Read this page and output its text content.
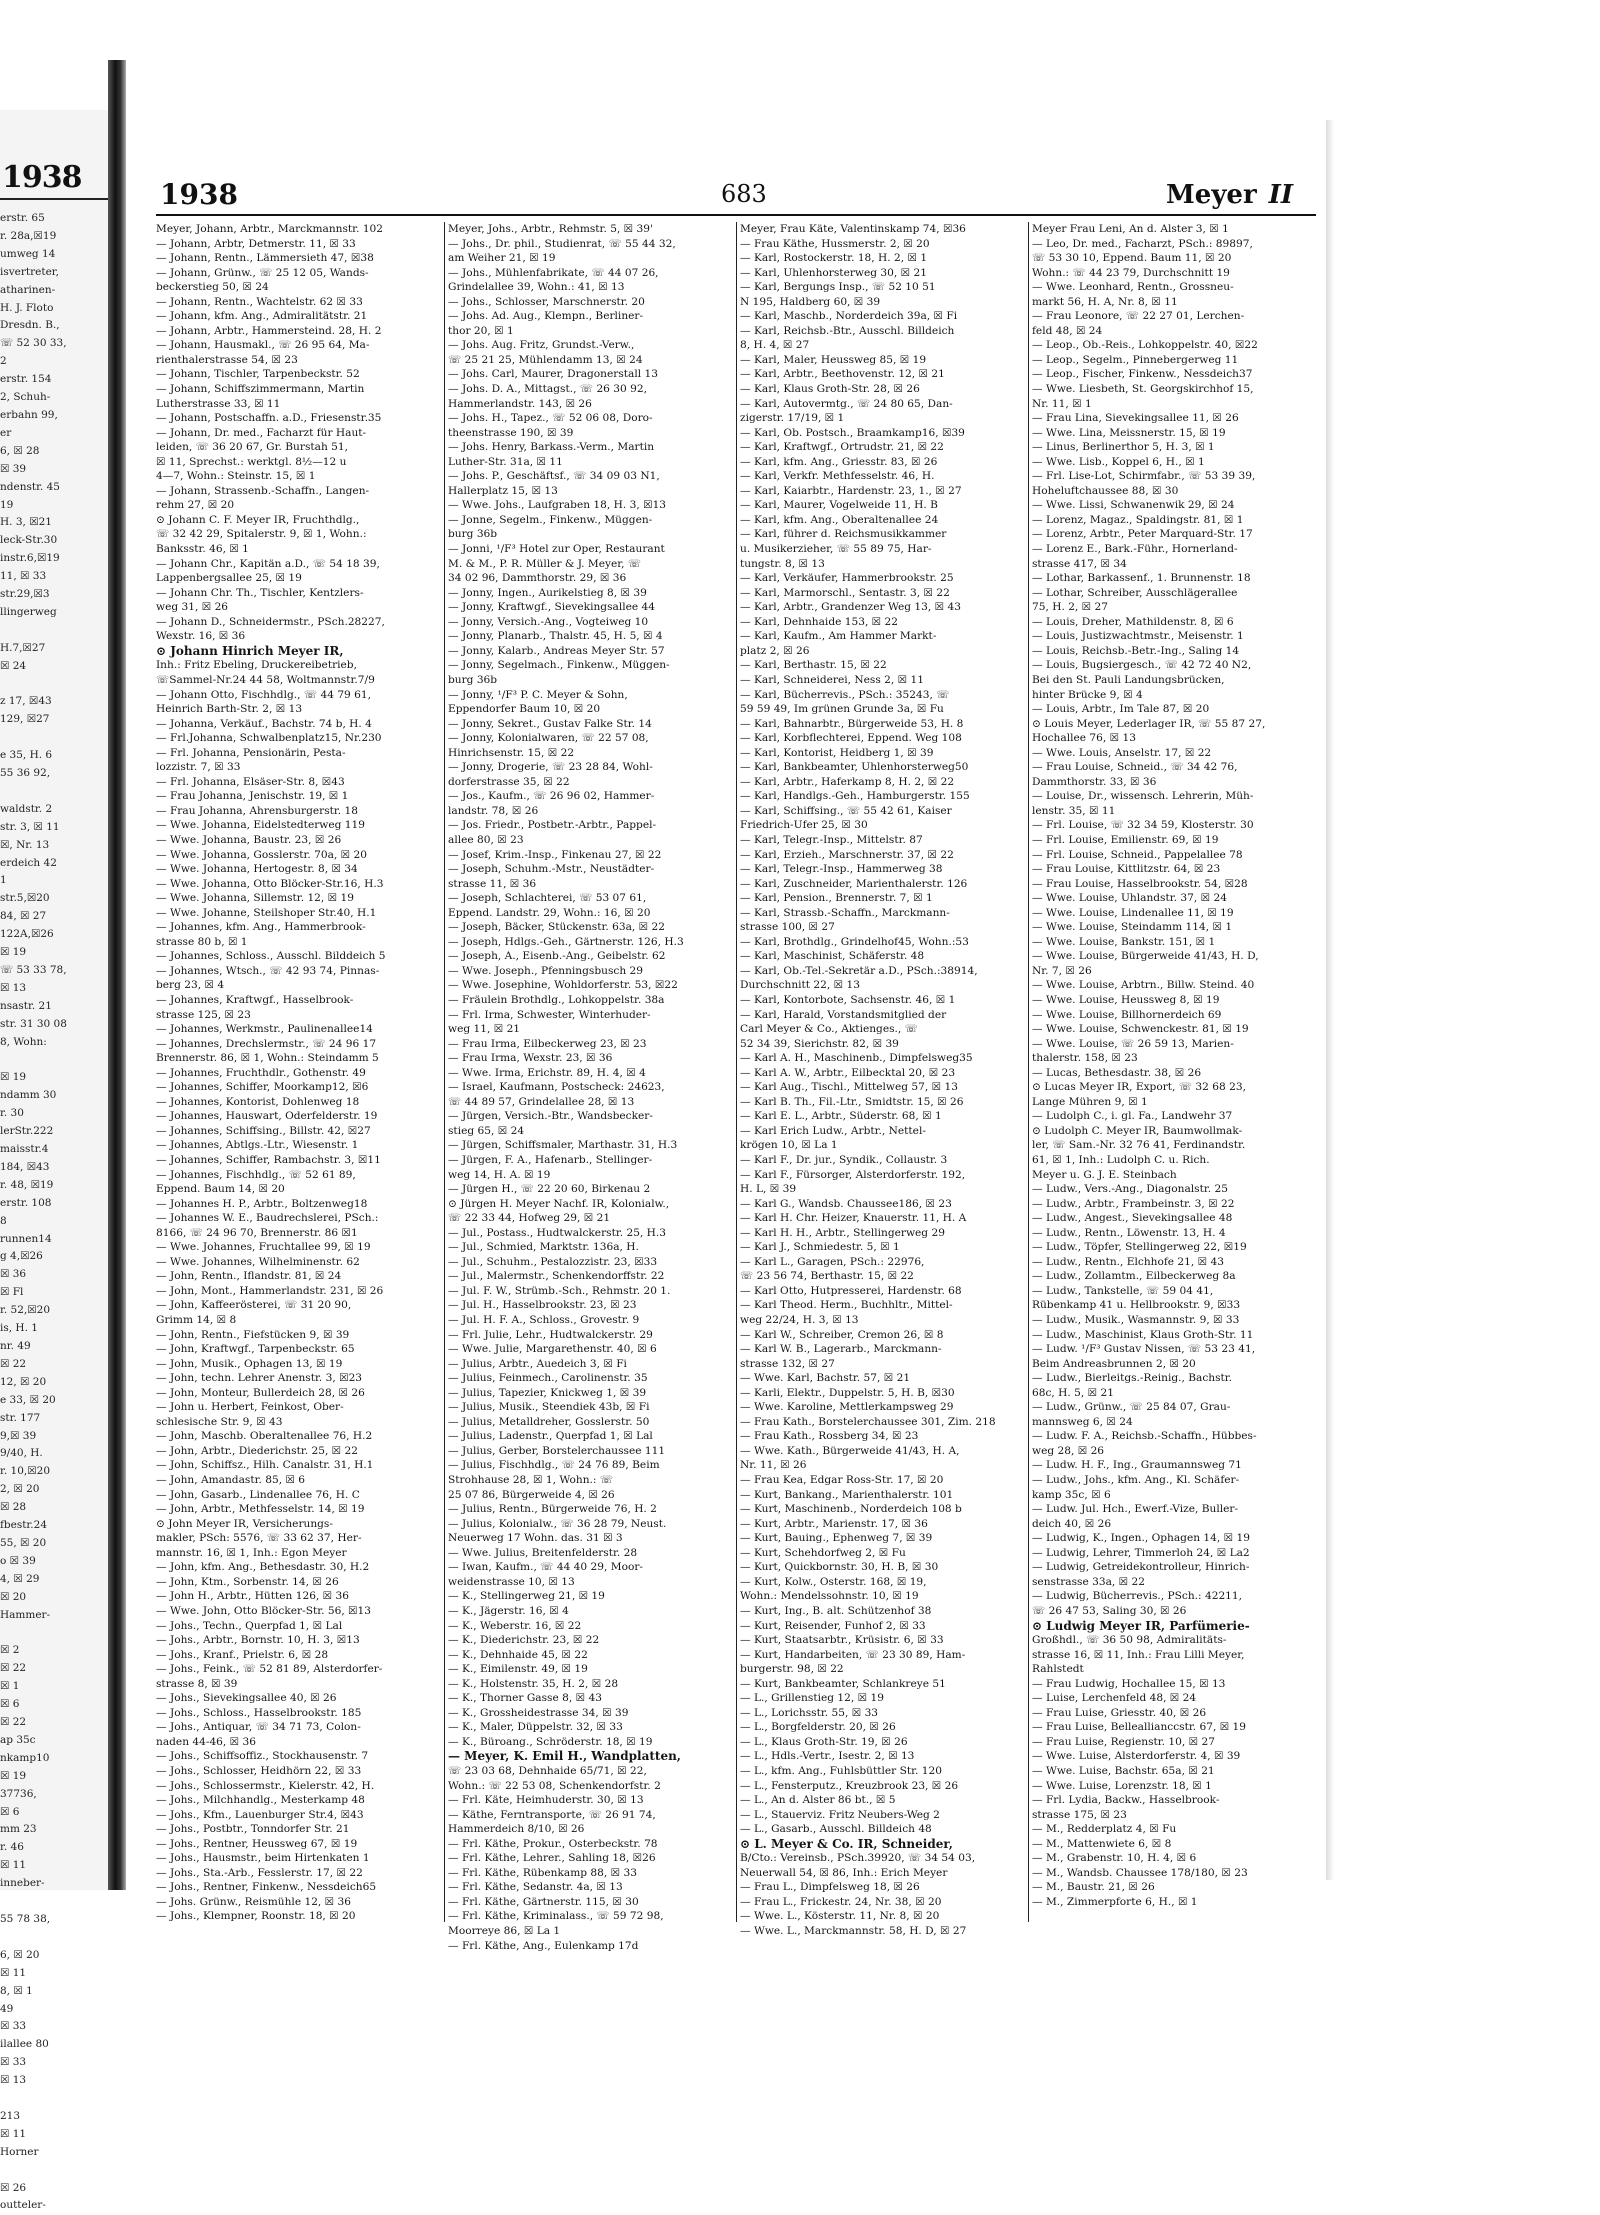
1938
erstr. 65
r. 28a,☒19
umweg 14
isvertreter,
atharinen-
H. J. Floto
Dresdn. B.,
☏ 52 30 33,
2
erstr. 154
2, Schuh-
erbahn 99,
er
6, ☒ 28
☒ 39
ndenstr. 45
19
H. 3, ☒21
leck-Str.30
instr.6,☒19
11, ☒ 33
str.29,☒3
llingerweg
H.7,☒27
☒ 24
z 17, ☒43
129, ☒27
e 35, H. 6
55 36 92,
waldstr. 2
str. 3, ☒ 11
☒, Nr. 13
erdeich 42
1
str.5,☒20
84, ☒ 27
122A,☒26
☒ 19
☏ 53 33 78,
☒ 13
nsastr. 21
str. 31 30 08
8, Wohn:
☒ 19
ndamm 30
r. 30
lerStr.222
maisstr.4
184, ☒43
r. 48, ☒19
erstr. 108
8
runnen14
g 4,☒26
☒ 36
☒ Fl
r. 52,☒20
is, H. 1
nr. 49
☒ 22
12, ☒ 20
e 33, ☒ 20
str. 177
9,☒ 39
9/40, H.
r. 10,☒20
2, ☒ 20
☒ 28
fbestr.24
55, ☒ 20
o ☒ 39
4, ☒ 29
☒ 20
Hammer-
☒ 2
☒ 22
☒ 1
☒ 6
☒ 22
ap 35c
nkamp10
☒ 19
37736,
☒ 6
mm 23
r. 46
☒ 11
inneber-
55 78 38,
6, ☒ 20
☒ 11
8, ☒ 1
49
☒ 33
ilallee 80
☒ 33
☒ 13
213
☒ 11
Horner
☒ 26
outteler-
1938	683	Meyer II
Meyer, Johann, Arbtr., Marckmannstr. 102
— Johann, Arbtr, Detmerstr. 11, ☒ 33
— Johann, Rentn., Lämmersieth 47, ☒38
— Johann, Grünw., ☏ 25 12 05, Wands-
beckerstieg 50, ☒ 24
— Johann, Rentn., Wachtelstr. 62 ☒ 33
— Johann, kfm. Ang., Admiralitätstr. 21
— Johann, Arbtr., Hammersteind. 28, H. 2
— Johann, Hausmakl., ☏ 26 95 64, Ma-
rienthalerstrasse 54, ☒ 23
— Johann, Tischler, Tarpenbeckstr. 52
— Johann, Schiffszimmermann, Martin
Lutherstrasse 33, ☒ 11
— Johann, Postschaffn. a.D., Friesenstr.35
— Johann, Dr. med., Facharzt für Haut-
leiden, ☏ 36 20 67, Gr. Burstah 51,
☒ 11, Sprechst.: werktgl. 8½—12 u
4—7, Wohn.: Steinstr. 15, ☒ 1
— Johann, Strassenb.-Schaffn., Langen-
rehm 27, ☒ 20
⊙ Johann C. F. Meyer IR, Fruchthdlg.,
☏ 32 42 29, Spitalerstr. 9, ☒ 1, Wohn.:
Banksstr. 46, ☒ 1
— Johann Chr., Kapitän a.D., ☏ 54 18 39,
Lappenbergsallee 25, ☒ 19
— Johann Chr. Th., Tischler, Kentzlers-
weg 31, ☒ 26
— Johann D., Schneidermstr., PSch.28227,
Wexstr. 16, ☒ 36
⊙ Johann Hinrich Meyer IR,
Inh.: Fritz Ebeling, Druckereibetrieb,
☏Sammel-Nr.24 44 58, Woltmannstr.7/9
— Johann Otto, Fischhdlg., ☏ 44 79 61,
Heinrich Barth-Str. 2, ☒ 13
— Johanna, Verkäuf., Bachstr. 74 b, H. 4
— Frl.Johanna, Schwalbenplatz15, Nr.230
— Frl. Johanna, Pensionärin, Pesta-
lozzistr. 7, ☒ 33
— Frl. Johanna, Elsäser-Str. 8, ☒43
— Frau Johanna, Jenischstr. 19, ☒ 1
— Frau Johanna, Ahrensburgerstr. 18
— Wwe. Johanna, Eidelstedterweg 119
— Wwe. Johanna, Baustr. 23, ☒ 26
— Wwe. Johanna, Gosslerstr. 70a, ☒ 20
— Wwe. Johanna, Hertogestr. 8, ☒ 34
— Wwe. Johanna, Otto Blöcker-Str.16, H.3
— Wwe. Johanna, Sillemstr. 12, ☒ 19
— Wwe. Johanne, Steilshoper Str.40, H.1
— Johannes, kfm. Ang., Hammerbrook-
strasse 80 b, ☒ 1
— Johannes, Schloss., Ausschl. Bilddeich 5
— Johannes, Wtsch., ☏ 42 93 74, Pinnas-
berg 23, ☒ 4
— Johannes, Kraftwgf., Hasselbrook-
strasse 125, ☒ 23
— Johannes, Werkmstr., Paulinenallee14
— Johannes, Drechslermstr., ☏ 24 96 17
Brennerstr. 86, ☒ 1, Wohn.: Steindamm 5
— Johannes, Fruchthdlr., Gothenstr. 49
— Johannes, Schiffer, Moorkamp12, ☒6
— Johannes, Kontorist, Dohlenweg 18
— Johannes, Hauswart, Oderfelderstr. 19
— Johannes, Schiffsing., Billstr. 42, ☒27
— Johannes, Abtlgs.-Ltr., Wiesenstr. 1
— Johannes, Schiffer, Rambachstr. 3, ☒11
— Johannes, Fischhdlg., ☏ 52 61 89,
Eppend. Baum 14, ☒ 20
— Johannes H. P., Arbtr., Boltzenweg18
— Johannes W. E., Baudrechslerei, PSch.:
8166, ☏ 24 96 70, Brennerstr. 86 ☒1
— Wwe. Johannes, Fruchtallee 99, ☒ 19
— Wwe. Johannes, Wilhelminenstr. 62
— John, Rentn., Iflandstr. 81, ☒ 24
— John, Mont., Hammerlandstr. 231, ☒ 26
— John, Kaffeerösterei, ☏ 31 20 90,
Grimm 14, ☒ 8
— John, Rentn., Fiefstücken 9, ☒ 39
— John, Kraftwgf., Tarpenbeckstr. 65
— John, Musik., Ophagen 13, ☒ 19
— John, techn. Lehrer Anenstr. 3, ☒23
— John, Monteur, Bullerdeich 28, ☒ 26
— John u. Herbert, Feinkost, Ober-
schlesische Str. 9, ☒ 43
— John, Maschb. Oberaltenallee 76, H.2
— John, Arbtr., Diederichstr. 25, ☒ 22
— John, Schiffsz., Hilh. Canalstr. 31, H.1
— John, Amandastr. 85, ☒ 6
— John, Gasarb., Lindenallee 76, H. C
— John, Arbtr., Methfesselstr. 14, ☒ 19
⊙ John Meyer IR, Versicherungs-
makler, PSch: 5576, ☏ 33 62 37, Her-
mannstr. 16, ☒ 1, Inh.: Egon Meyer
— John, kfm. Ang., Bethesdastr. 30, H.2
— John, Ktm., Sorbenstr. 14, ☒ 26
— John H., Arbtr., Hütten 126, ☒ 36
— Wwe. John, Otto Blöcker-Str. 56, ☒13
— Johs., Techn., Querpfad 1, ☒ Lal
— Johs., Arbtr., Bornstr. 10, H. 3, ☒13
— Johs., Kranf., Prielstr. 6, ☒ 28
— Johs., Feink., ☏ 52 81 89, Alsterdorfer-
strasse 8, ☒ 39
— Johs., Sievekingsallee 40, ☒ 26
— Johs., Schloss., Hasselbrookstr. 185
— Johs., Antiquar, ☏ 34 71 73, Colon-
naden 44-46, ☒ 36
— Johs., Schiffsoffiz., Stockhausenstr. 7
— Johs., Schlosser, Heidhörn 22, ☒ 33
— Johs., Schlossermstr., Kielerstr. 42, H.
— Johs., Milchhandlg., Mesterkamp 48
— Johs., Kfm., Lauenburger Str.4, ☒43
— Johs., Postbtr., Tonndorfer Str. 21
— Johs., Rentner, Heussweg 67, ☒ 19
— Johs., Hausmstr., beim Hirtenkaten 1
— Johs., Sta.-Arb., Fesslerstr. 17, ☒ 22
— Johs., Rentner, Finkenw., Nessdeich65
— Johs. Grünw., Reismühle 12, ☒ 36
— Johs., Klempner, Roonstr. 18, ☒ 20
Meyer, Johs., Arbtr., Rehmstr. 5, ☒ 39'
— Johs., Dr. phil., Studienrat, ☏ 55 44 32,
am Weiher 21, ☒ 19
— Johs., Mühlenfabrikate, ☏ 44 07 26,
Grindelallee 39, Wohn.: 41, ☒ 13
— Johs., Schlosser, Marschnerstr. 20
— Johs. Ad. Aug., Klempn., Berliner-
thor 20, ☒ 1
— Johs. Aug. Fritz, Grundst.-Verw.,
☏ 25 21 25, Mühlendamm 13, ☒ 24
— Johs. Carl, Maurer, Dragonerstall 13
— Johs. D. A., Mittagst., ☏ 26 30 92,
Hammerlandstr. 143, ☒ 26
— Johs. H., Tapez., ☏ 52 06 08, Doro-
theenstrasse 190, ☒ 39
— Johs. Henry, Barkass.-Verm., Martin
Luther-Str. 31a, ☒ 11
— Johs. P., Geschäftsf., ☏ 34 09 03 N1,
Hallerplatz 15, ☒ 13
— Wwe. Johs., Laufgraben 18, H. 3, ☒13
— Jonne, Segelm., Finkenw., Müggen-
burg 36b
— Jonni, ¹/F³ Hotel zur Oper, Restaurant
M. & M., P. R. Müller & J. Meyer, ☏
34 02 96, Dammthorstr. 29, ☒ 36
— Jonny, Ingen., Aurikelstieg 8, ☒ 39
— Jonny, Kraftwgf., Sievekingsallee 44
— Jonny, Versich.-Ang., Vogteiweg 10
— Jonny, Planarb., Thalstr. 45, H. 5, ☒ 4
— Jonny, Kalarb., Andreas Meyer Str. 57
— Jonny, Segelmach., Finkenw., Müggen-
burg 36b
— Jonny, ¹/F³ P. C. Meyer & Sohn,
Eppendorfer Baum 10, ☒ 20
— Jonny, Sekret., Gustav Falke Str. 14
— Jonny, Kolonialwaren, ☏ 22 57 08,
Hinrichsenstr. 15, ☒ 22
— Jonny, Drogerie, ☏ 23 28 84, Wohl-
dorferstrasse 35, ☒ 22
— Jos., Kaufm., ☏ 26 96 02, Hammer-
landstr. 78, ☒ 26
— Jos. Friedr., Postbetr.-Arbtr., Pappel-
allee 80, ☒ 23
— Josef, Krim.-Insp., Finkenau 27, ☒ 22
— Joseph, Schuhm.-Mstr., Neustädter-
strasse 11, ☒ 36
— Joseph, Schlachterei, ☏ 53 07 61,
Eppend. Landstr. 29, Wohn.: 16, ☒ 20
— Joseph, Bäcker, Stückenstr. 63a, ☒ 22
— Joseph, Hdlgs.-Geh., Gärtnerstr. 126, H.3
— Joseph, A., Eisenb.-Ang., Geibelstr. 62
— Wwe. Joseph., Pfenningsbusch 29
— Wwe. Josephine, Wohldorferstr. 53, ☒22
— Fräulein Brothdlg., Lohkoppelstr. 38a
— Frl. Irma, Schwester, Winterhuder-
weg 11, ☒ 21
— Frau Irma, Eilbeckerweg 23, ☒ 23
— Frau Irma, Wexstr. 23, ☒ 36
— Wwe. Irma, Erichstr. 89, H. 4, ☒ 4
— Israel, Kaufmann, Postscheck: 24623,
☏ 44 89 57, Grindelallee 28, ☒ 13
— Jürgen, Versich.-Btr., Wandsbecker-
stieg 65, ☒ 24
— Jürgen, Schiffsmaler, Marthastr. 31, H.3
— Jürgen, F. A., Hafenarb., Stellinger-
weg 14, H. A. ☒ 19
— Jürgen H., ☏ 22 20 60, Birkenau 2
⊙ Jürgen H. Meyer Nachf. IR, Kolonialw.,
☏ 22 33 44, Hofweg 29, ☒ 21
— Jul., Postass., Hudtwalckerstr. 25, H.3
— Jul., Schmied, Marktstr. 136a, H.
— Jul., Schuhm., Pestalozzistr. 23, ☒33
— Jul., Malermstr., Schenkendorffstr. 22
— Jul. F. W., Strümb.-Sch., Rehmstr. 20 1.
— Jul. H., Hasselbrookstr. 23, ☒ 23
— Jul. H. F. A., Schloss., Grovestr. 9
— Frl. Julie, Lehr., Hudtwalckerstr. 29
— Wwe. Julie, Margarethenstr. 40, ☒ 6
— Julius, Arbtr., Auedeich 3, ☒ Fi
— Julius, Feinmech., Carolinenstr. 35
— Julius, Tapezier, Knickweg 1, ☒ 39
— Julius, Musik., Steendiek 43b, ☒ Fi
— Julius, Metalldreher, Gosslerstr. 50
— Julius, Ladenstr., Querpfad 1, ☒ Lal
— Julius, Gerber, Borstelerchaussee 111
— Julius, Fischhdlg., ☏ 24 76 89, Beim
Strohhause 28, ☒ 1, Wohn.: ☏
25 07 86, Bürgerweide 4, ☒ 26
— Julius, Rentn., Bürgerweide 76, H. 2
— Julius, Kolonialw., ☏ 36 28 79, Neust.
Neuerweg 17 Wohn. das. 31 ☒ 3
— Wwe. Julius, Breitenfelderstr. 28
— Iwan, Kaufm., ☏ 44 40 29, Moor-
weidenstrasse 10, ☒ 13
— K., Stellingerweg 21, ☒ 19
— K., Jägerstr. 16, ☒ 4
— K., Weberstr. 16, ☒ 22
— K., Diederichstr. 23, ☒ 22
— K., Dehnhaide 45, ☒ 22
— K., Eimilenstr. 49, ☒ 19
— K., Holstenstr. 35, H. 2, ☒ 28
— K., Thorner Gasse 8, ☒ 43
— K., Grossheidestrasse 34, ☒ 39
— K., Maler, Düppelstr. 32, ☒ 33
— K., Büroang., Schröderstr. 18, ☒ 19
— Meyer, K. Emil H., Wandplatten,
☏ 23 03 68, Dehnhaide 65/71, ☒ 22,
Wohn.: ☏ 22 53 08, Schenkendorfstr. 2
— Frl. Käte, Heimhuderstr. 30, ☒ 13
— Käthe, Ferntransporte, ☏ 26 91 74,
Hammerdeich 8/10, ☒ 26
— Frl. Käthe, Prokur., Osterbeckstr. 78
— Frl. Käthe, Lehrer., Sahling 18, ☒26
— Frl. Käthe, Rübenkamp 88, ☒ 33
— Frl. Käthe, Sedanstr. 4a, ☒ 13
— Frl. Käthe, Gärtnerstr. 115, ☒ 30
— Frl. Käthe, Kriminalass., ☏ 59 72 98,
Moorreye 86, ☒ La 1
— Frl. Käthe, Ang., Eulenkamp 17d
Meyer, Frau Käte, Valentinskamp 74, ☒36
— Frau Käthe, Hussmerstr. 2, ☒ 20
— Karl, Rostockerstr. 18, H. 2, ☒ 1
— Karl, Uhlenhorsterweg 30, ☒ 21
— Karl, Bergungs Insp., ☏ 52 10 51
N 195, Haldberg 60, ☒ 39
— Karl, Maschb., Norderdeich 39a, ☒ Fi
— Karl, Reichsb.-Btr., Ausschl. Billdeich
8, H. 4, ☒ 27
— Karl, Maler, Heussweg 85, ☒ 19
— Karl, Arbtr., Beethovenstr. 12, ☒ 21
— Karl, Klaus Groth-Str. 28, ☒ 26
— Karl, Autovermtg., ☏ 24 80 65, Dan-
zigerstr. 17/19, ☒ 1
— Karl, Ob. Postsch., Braamkamp16, ☒39
— Karl, Kraftwgf., Ortrudstr. 21, ☒ 22
— Karl, kfm. Ang., Griesstr. 83, ☒ 26
— Karl, Verkfr. Methfesselstr. 46, H.
— Karl, Kaiarbtr., Hardenstr. 23, 1., ☒ 27
— Karl, Maurer, Vogelweide 11, H. B
— Karl, kfm. Ang., Oberaltenallee 24
— Karl, führer d. Reichsmusikkammer
u. Musikerzieher, ☏ 55 89 75, Har-
tungstr. 8, ☒ 13
— Karl, Verkäufer, Hammerbrookstr. 25
— Karl, Marmorschl., Sentastr. 3, ☒ 22
— Karl, Arbtr., Grandenzer Weg 13, ☒ 43
— Karl, Dehnhaide 153, ☒ 22
— Karl, Kaufm., Am Hammer Markt-
platz 2, ☒ 26
— Karl, Berthastr. 15, ☒ 22
— Karl, Schneiderei, Ness 2, ☒ 11
— Karl, Bücherrevis., PSch.: 35243, ☏
59 59 49, Im grünen Grunde 3a, ☒ Fu
— Karl, Bahnarbtr., Bürgerweide 53, H. 8
— Karl, Korbflechterei, Eppend. Weg 108
— Karl, Kontorist, Heidberg 1, ☒ 39
— Karl, Bankbeamter, Uhlenhorsterweg50
— Karl, Arbtr., Haferkamp 8, H. 2, ☒ 22
— Karl, Handlgs.-Geh., Hamburgerstr. 155
— Karl, Schiffsing., ☏ 55 42 61, Kaiser
Friedrich-Ufer 25, ☒ 30
— Karl, Telegr.-Insp., Mittelstr. 87
— Karl, Erzieh., Marschnerstr. 37, ☒ 22
— Karl, Telegr.-Insp., Hammerweg 38
— Karl, Zuschneider, Marienthalerstr. 126
— Karl, Pension., Brennerstr. 7, ☒ 1
— Karl, Strassb.-Schaffn., Marckmann-
strasse 100, ☒ 27
— Karl, Brothdlg., Grindelhof45, Wohn.:53
— Karl, Maschinist, Schäferstr. 48
— Karl, Ob.-Tel.-Sekretär a.D., PSch.:38914,
Durchschnitt 22, ☒ 13
— Karl, Kontorbote, Sachsenstr. 46, ☒ 1
— Karl, Harald, Vorstandsmitglied der
Carl Meyer & Co., Aktienges., ☏
52 34 39, Sierichstr. 82, ☒ 39
— Karl A. H., Maschinenb., Dimpfelsweg35
— Karl A. W., Arbtr., Eilbecktal 20, ☒ 23
— Karl Aug., Tischl., Mittelweg 57, ☒ 13
— Karl B. Th., Fil.-Ltr., Smidtstr. 15, ☒ 26
— Karl E. L., Arbtr., Süderstr. 68, ☒ 1
— Karl Erich Ludw., Arbtr., Nettel-
krögen 10, ☒ La 1
— Karl F., Dr. jur., Syndik., Collaustr. 3
— Karl F., Fürsorger, Alsterdorferstr. 192,
H. L, ☒ 39
— Karl G., Wandsb. Chaussee186, ☒ 23
— Karl H. Chr. Heizer, Knauerstr. 11, H. A
— Karl H. H., Arbtr., Stellingerweg 29
— Karl J., Schmiedestr. 5, ☒ 1
— Karl L., Garagen, PSch.: 22976,
☏ 23 56 74, Berthastr. 15, ☒ 22
— Karl Otto, Hutpresserei, Hardenstr. 68
— Karl Theod. Herm., Buchhltr., Mittel-
weg 22/24, H. 3, ☒ 13
— Karl W., Schreiber, Cremon 26, ☒ 8
— Karl W. B., Lagerarb., Marckmann-
strasse 132, ☒ 27
— Wwe. Karl, Bachstr. 57, ☒ 21
— Karli, Elektr., Duppelstr. 5, H. B, ☒30
— Wwe. Karoline, Mettlerkampsweg 29
— Frau Kath., Borstelerchaussee 301, Zim. 218
— Frau Kath., Rossberg 34, ☒ 23
— Wwe. Kath., Bürgerweide 41/43, H. A,
Nr. 11, ☒ 26
— Frau Kea, Edgar Ross-Str. 17, ☒ 20
— Kurt, Bankang., Marienthalerstr. 101
— Kurt, Maschinenb., Norderdeich 108 b
— Kurt, Arbtr., Marienstr. 17, ☒ 36
— Kurt, Bauing., Ephenweg 7, ☒ 39
— Kurt, Schehdorfweg 2, ☒ Fu
— Kurt, Quickbornstr. 30, H. B, ☒ 30
— Kurt, Kolw., Osterstr. 168, ☒ 19,
Wohn.: Mendelssohnstr. 10, ☒ 19
— Kurt, Ing., B. alt. Schützenhof 38
— Kurt, Reisender, Funhof 2, ☒ 33
— Kurt, Staatsarbtr., Krüsistr. 6, ☒ 33
— Kurt, Handarbeiten, ☏ 23 30 89, Ham-
burgerstr. 98, ☒ 22
— Kurt, Bankbeamter, Schlankreye 51
— L., Grillenstieg 12, ☒ 19
— L., Lorichsstr. 55, ☒ 33
— L., Borgfelderstr. 20, ☒ 26
— L., Klaus Groth-Str. 19, ☒ 26
— L., Hdls.-Vertr., Isestr. 2, ☒ 13
— L., kfm. Ang., Fuhlsbüttler Str. 120
— L., Fensterputz., Kreuzbrook 23, ☒ 26
— L., An d. Alster 86 bt., ☒ 5
— L., Stauerviz. Fritz Neubers-Weg 2
— L., Gasarb., Ausschl. Billdeich 48
⊙ L. Meyer & Co. IR, Schneider,
B/Cto.: Vereinsb., PSch.39920, ☏ 34 54 03,
Neuerwall 54, ☒ 86, Inh.: Erich Meyer
— Frau L., Dimpfelsweg 18, ☒ 26
— Frau L., Frickestr. 24, Nr. 38, ☒ 20
— Wwe. L., Kösterstr. 11, Nr. 8, ☒ 20
— Wwe. L., Marckmannstr. 58, H. D, ☒ 27
Meyer Frau Leni, An d. Alster 3, ☒ 1
— Leo, Dr. med., Facharzt, PSch.: 89897,
☏ 53 30 10, Eppend. Baum 11, ☒ 20
Wohn.: ☏ 44 23 79, Durchschnitt 19
— Wwe. Leonhard, Rentn., Grossneu-
markt 56, H. A, Nr. 8, ☒ 11
— Frau Leonore, ☏ 22 27 01, Lerchen-
feld 48, ☒ 24
— Leop., Ob.-Reis., Lohkoppelstr. 40, ☒22
— Leop., Segelm., Pinnebergerweg 11
— Leop., Fischer, Finkenw., Nessdeich37
— Wwe. Liesbeth, St. Georgskirchhof 15,
Nr. 11, ☒ 1
— Frau Lina, Sievekingsallee 11, ☒ 26
— Wwe. Lina, Meissnerstr. 15, ☒ 19
— Linus, Berlinerthor 5, H. 3, ☒ 1
— Wwe. Lisb., Koppel 6, H., ☒ 1
— Frl. Lise-Lot, Schirmfabr., ☏ 53 39 39,
Hoheluftchaussee 88, ☒ 30
— Wwe. Lissi, Schwanenwik 29, ☒ 24
— Lorenz, Magaz., Spaldingstr. 81, ☒ 1
— Lorenz, Arbtr., Peter Marquard-Str. 17
— Lorenz E., Bark.-Führ., Hornerland-
strasse 417, ☒ 34
— Lothar, Barkassenf., 1. Brunnenstr. 18
— Lothar, Schreiber, Ausschlägerallee
75, H. 2, ☒ 27
— Louis, Dreher, Mathildenstr. 8, ☒ 6
— Louis, Justizwachtmstr., Meisenstr. 1
— Louis, Reichsb.-Betr.-Ing., Saling 14
— Louis, Bugsiergesch., ☏ 42 72 40 N2,
Bei den St. Pauli Landungsbrücken,
hinter Brücke 9, ☒ 4
— Louis, Arbtr., Im Tale 87, ☒ 20
⊙ Louis Meyer, Lederlager IR, ☏ 55 87 27,
Hochallee 76, ☒ 13
— Wwe. Louis, Anselstr. 17, ☒ 22
— Frau Louise, Schneid., ☏ 34 42 76,
Dammthorstr. 33, ☒ 36
— Louise, Dr., wissensch. Lehrerin, Müh-
lenstr. 35, ☒ 11
— Frl. Louise, ☏ 32 34 59, Klosterstr. 30
— Frl. Louise, Emilienstr. 69, ☒ 19
— Frl. Louise, Schneid., Pappelallee 78
— Frau Louise, Kittlitzstr. 64, ☒ 23
— Frau Louise, Hasselbrookstr. 54, ☒28
— Wwe. Louise, Uhlandstr. 37, ☒ 24
— Wwe. Louise, Lindenallee 11, ☒ 19
— Wwe. Louise, Steindamm 114, ☒ 1
— Wwe. Louise, Bankstr. 151, ☒ 1
— Wwe. Louise, Bürgerweide 41/43, H. D,
Nr. 7, ☒ 26
— Wwe. Louise, Arbtrn., Billw. Steind. 40
— Wwe. Louise, Heussweg 8, ☒ 19
— Wwe. Louise, Billhornerdeich 69
— Wwe. Louise, Schwenckestr. 81, ☒ 19
— Wwe. Louise, ☏ 26 59 13, Marien-
thalerstr. 158, ☒ 23
— Lucas, Bethesdastr. 38, ☒ 26
⊙ Lucas Meyer IR, Export, ☏ 32 68 23,
Lange Mühren 9, ☒ 1
— Ludolph C., i. gl. Fa., Landwehr 37
⊙ Ludolph C. Meyer IR, Baumwollmak-
ler, ☏ Sam.-Nr. 32 76 41, Ferdinandstr.
61, ☒ 1, Inh.: Ludolph C. u. Rich.
Meyer u. G. J. E. Steinbach
— Ludw., Vers.-Ang., Diagonalstr. 25
— Ludw., Arbtr., Frambeinstr. 3, ☒ 22
— Ludw., Angest., Sievekingsallee 48
— Ludw., Rentn., Löwenstr. 13, H. 4
— Ludw., Töpfer, Stellingerweg 22, ☒19
— Ludw., Rentn., Elchhofe 21, ☒ 43
— Ludw., Zollamtm., Eilbeckerweg 8a
— Ludw., Tankstelle, ☏ 59 04 41,
Rübenkamp 41 u. Hellbrookstr. 9, ☒33
— Ludw., Musik., Wasmannstr. 9, ☒ 33
— Ludw., Maschinist, Klaus Groth-Str. 11
— Ludw. ¹/F³ Gustav Nissen, ☏ 53 23 41,
Beim Andreasbrunnen 2, ☒ 20
— Ludw., Bierleitgs.-Reinig., Bachstr.
68c, H. 5, ☒ 21
— Ludw., Grünw., ☏ 25 84 07, Grau-
mannsweg 6, ☒ 24
— Ludw. F. A., Reichsb.-Schaffn., Hübbes-
weg 28, ☒ 26
— Ludw. H. F., Ing., Graumannsweg 71
— Ludw., Johs., kfm. Ang., Kl. Schäfer-
kamp 35c, ☒ 6
— Ludw. Jul. Hch., Ewerf.-Vize, Buller-
deich 40, ☒ 26
— Ludwig, K., Ingen., Ophagen 14, ☒ 19
— Ludwig, Lehrer, Timmerloh 24, ☒ La2
— Ludwig, Getreidekontrolleur, Hinrich-
senstrasse 33a, ☒ 22
— Ludwig, Bücherrevis., PSch.: 42211,
☏ 26 47 53, Saling 30, ☒ 26
⊙ Ludwig Meyer IR, Parfümerie-
Großhdl., ☏ 36 50 98, Admiralitäts-
strasse 16, ☒ 11, Inh.: Frau Lilli Meyer,
Rahlstedt
— Frau Ludwig, Hochallee 15, ☒ 13
— Luise, Lerchenfeld 48, ☒ 24
— Frau Luise, Griesstr. 40, ☒ 26
— Frau Luise, Belleallianccstr. 67, ☒ 19
— Frau Luise, Regienstr. 10, ☒ 27
— Wwe. Luise, Alsterdorferstr. 4, ☒ 39
— Wwe. Luise, Bachstr. 65a, ☒ 21
— Wwe. Luise, Lorenzstr. 18, ☒ 1
— Frl. Lydia, Backw., Hasselbrook-
strasse 175, ☒ 23
— M., Redderplatz 4, ☒ Fu
— M., Mattenwiete 6, ☒ 8
— M., Grabenstr. 10, H. 4, ☒ 6
— M., Wandsb. Chaussee 178/180, ☒ 23
— M., Baustr. 21, ☒ 26
— M., Zimmerpforte 6, H., ☒ 1
